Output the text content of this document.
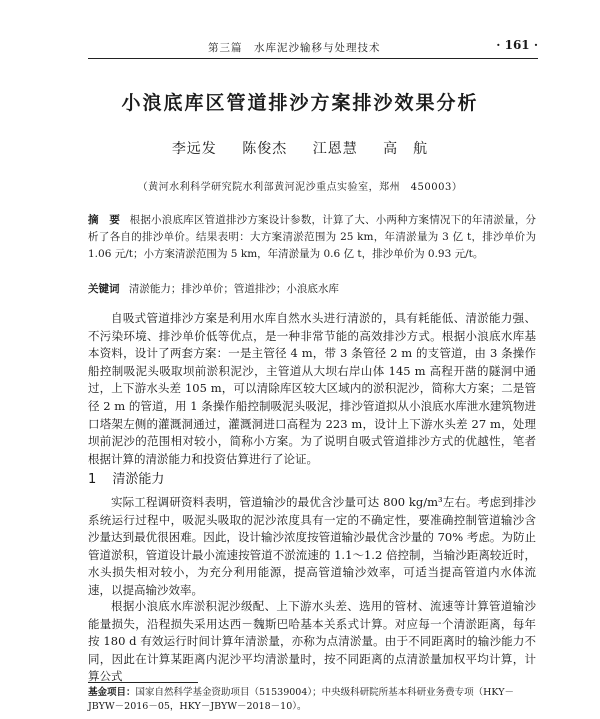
第三篇　水库泥沙输移与处理技术	· 161 ·
小浪底库区管道排沙方案排沙效果分析
李远发 陈俊杰 江恩慧 高　航
（黄河水利科学研究院水利部黄河泥沙重点实验室，郑州　450003）
摘　要 根据小浪底库区管道排沙方案设计参数，计算了大、小两种方案情况下的年清淤量，分析了各自的排沙单价。结果表明：大方案清淤范围为 25 km，年清淤量为 3 亿 t，排沙单价为 1.06 元/t；小方案清淤范围为 5 km，年清淤量为 0.6 亿 t，排沙单价为 0.93 元/t。
关键词 清淤能力；排沙单价；管道排沙；小浪底水库
自吸式管道排沙方案是利用水库自然水头进行清淤的，具有耗能低、清淤能力强、不污染环境、排沙单价低等优点，是一种非常节能的高效排沙方式。根据小浪底水库基本资料，设计了两套方案：一是主管径 4 m，带 3 条管径 2 m 的支管道，由 3 条操作船控制吸泥头吸取坝前淤积泥沙，主管道从大坝右岸山体 145 m 高程开凿的隧洞中通过，上下游水头差 105 m，可以清除库区较大区域内的淤积泥沙，简称大方案；二是管径 2 m 的管道，用 1 条操作船控制吸泥头吸泥，排沙管道拟从小浪底水库泄水建筑物进口塔架左侧的灌溉洞通过，灌溉洞进口高程为 223 m，设计上下游水头差 27 m，处理坝前泥沙的范围相对较小，简称小方案。为了说明自吸式管道排沙方式的优越性，笔者根据计算的清淤能力和投资估算进行了论证。
1 清淤能力
实际工程调研资料表明，管道输沙的最优含沙量可达 800 kg/m³左右。考虑到排沙系统运行过程中，吸泥头吸取的泥沙浓度具有一定的不确定性，要准确控制管道输沙含沙量达到最优很困难。因此，设计输沙浓度按管道输沙最优含沙量的 70% 考虑。为防止管道淤积，管道设计最小流速按管道不淤流速的 1.1～1.2 倍控制，当输沙距离较近时，水头损失相对较小，为充分利用能源，提高管道输沙效率，可适当提高管道内水体流速，以提高输沙效率。
根据小浪底水库淤积泥沙级配、上下游水头差、选用的管材、流速等计算管道输沙能量损失，沿程损失采用达西－魏斯巴哈基本关系式计算。对应每一个清淤距离，每年按 180 d 有效运行时间计算年清淤量，亦称为点清淤量。由于不同距离时的输沙能力不同，因此在计算某距离内泥沙平均清淤量时，按不同距离的点清淤量加权平均计算，计算公式
基金项目：国家自然科学基金资助项目（51539004）；中央级科研院所基本科研业务费专项（HKY－JBYW－2016－05，HKY－JBYW－2018－10）。
